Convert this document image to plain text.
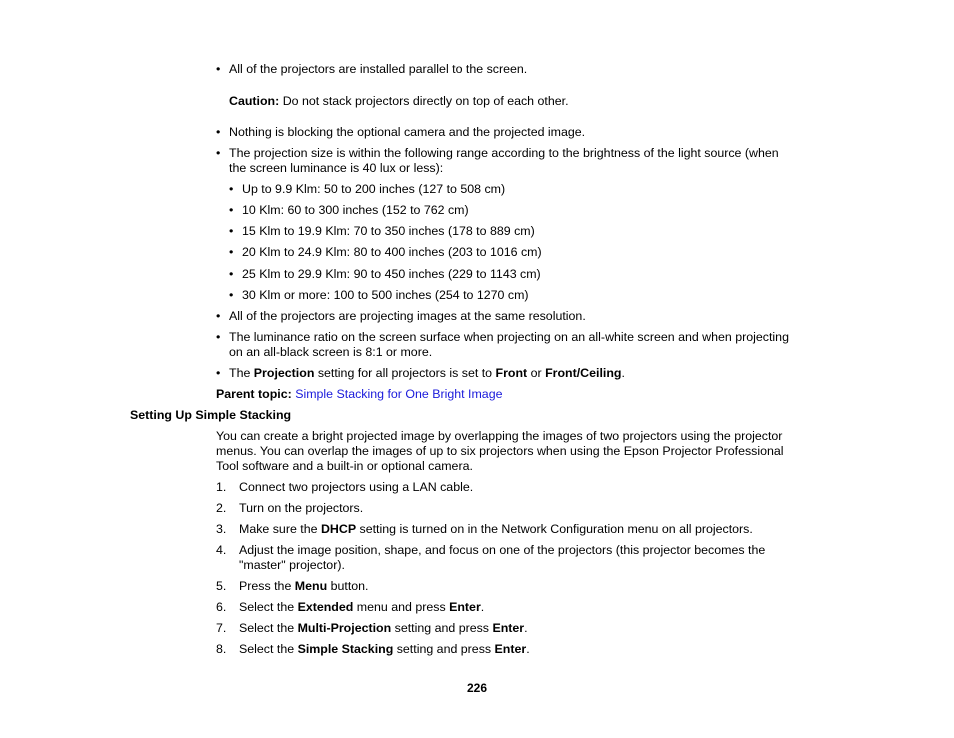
• All of the projectors are installed parallel to the screen.
Caution: Do not stack projectors directly on top of each other.
• Nothing is blocking the optional camera and the projected image.
• The projection size is within the following range according to the brightness of the light source (when
the screen luminance is 40 lux or less):
• Up to 9.9 Klm: 50 to 200 inches (127 to 508 cm)
• 10 Klm: 60 to 300 inches (152 to 762 cm)
• 15 Klm to 19.9 Klm: 70 to 350 inches (178 to 889 cm)
• 20 Klm to 24.9 Klm: 80 to 400 inches (203 to 1016 cm)
• 25 Klm to 29.9 Klm: 90 to 450 inches (229 to 1143 cm)
• 30 Klm or more: 100 to 500 inches (254 to 1270 cm)
• All of the projectors are projecting images at the same resolution.
• The luminance ratio on the screen surface when projecting on an all-white screen and when projecting
on an all-black screen is 8:1 or more.
• The Projection setting for all projectors is set to Front or Front/Ceiling.
Parent topic: Simple Stacking for One Bright Image
Setting Up Simple Stacking
You can create a bright projected image by overlapping the images of two projectors using the projector
menus. You can overlap the images of up to six projectors when using the Epson Projector Professional
Tool software and a built-in or optional camera.
1. Connect two projectors using a LAN cable.
2. Turn on the projectors.
3. Make sure the DHCP setting is turned on in the Network Configuration menu on all projectors.
4. Adjust the image position, shape, and focus on one of the projectors (this projector becomes the
"master" projector).
5. Press the Menu button.
6. Select the Extended menu and press Enter.
7. Select the Multi-Projection setting and press Enter.
8. Select the Simple Stacking setting and press Enter.
226
